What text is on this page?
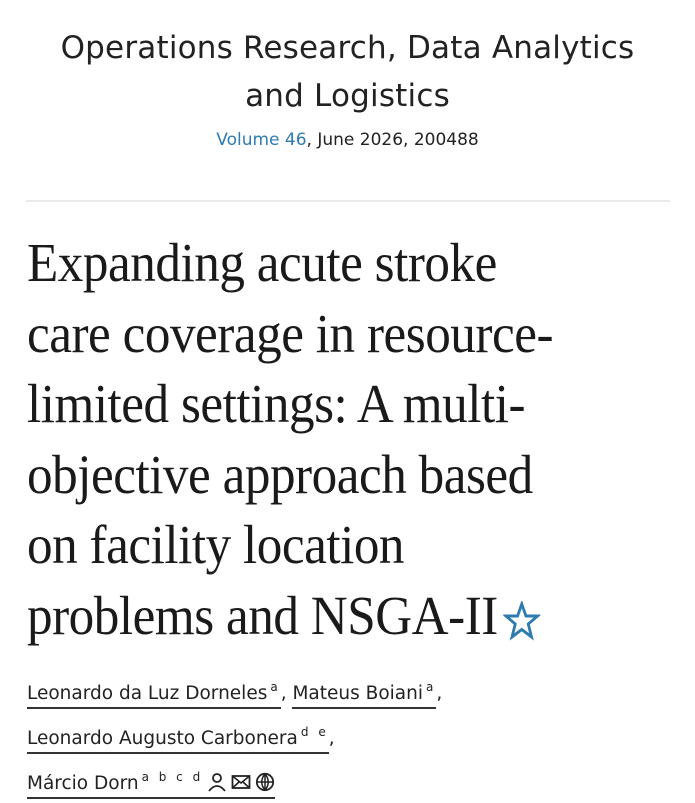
Operations Research, Data Analytics
and Logistics
Volume 46, June 2026, 200488
Expanding acute stroke
care coverage in resource-
limited settings: A multi-
objective approach based
on facility location
problems and NSGA-II
Leonardo da Luz Dorneles $^a$, Mateus Boiani $^a$,
Leonardo Augusto Carbonera $^{d e}$,
Márcio Dorn $^{a b c d}$
